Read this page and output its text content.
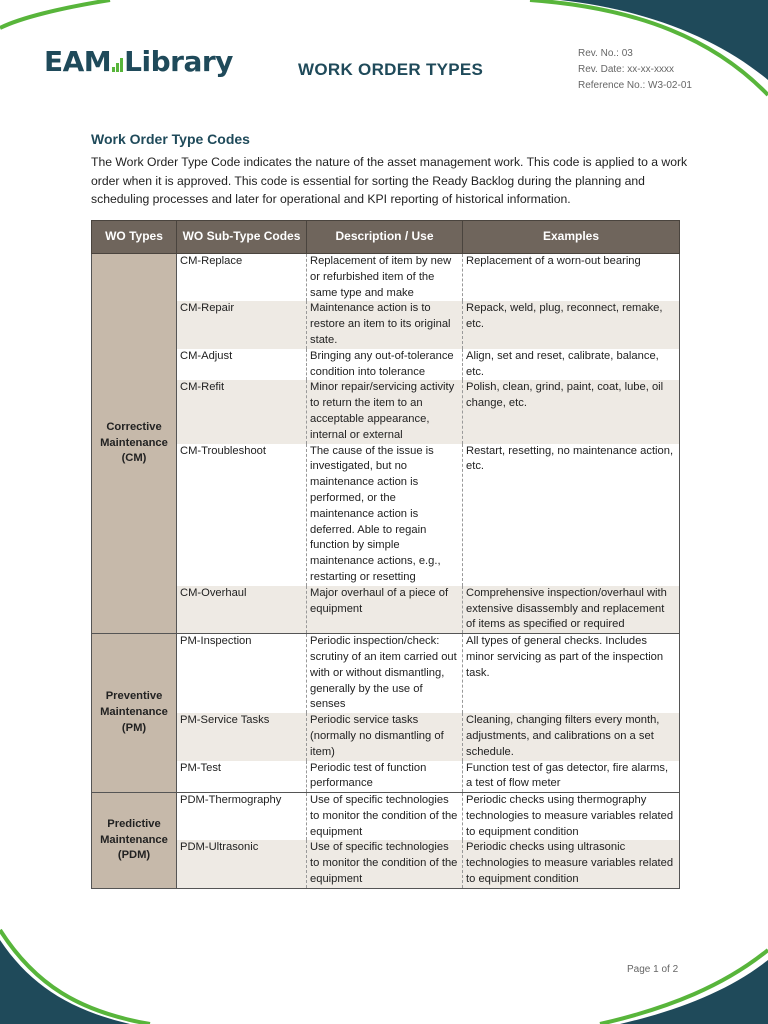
EAM Library	WORK ORDER TYPES
Rev. No.: 03
Rev. Date: xx-xx-xxxx
Reference No.: W3-02-01
Work Order Type Codes
The Work Order Type Code indicates the nature of the asset management work. This code is applied to a work order when it is approved. This code is essential for sorting the Ready Backlog during the planning and scheduling processes and later for operational and KPI reporting of historical information.
WO Types	WO Sub-Type Codes	Description / Use	Examples
Corrective Maintenance (CM)	CM-Replace	Replacement of item by new or refurbished item of the same type and make	Replacement of a worn-out bearing
	CM-Repair	Maintenance action is to restore an item to its original state.	Repack, weld, plug, reconnect, remake, etc.
	CM-Adjust	Bringing any out-of-tolerance condition into tolerance	Align, set and reset, calibrate, balance, etc.
	CM-Refit	Minor repair/servicing activity to return the item to an acceptable appearance, internal or external	Polish, clean, grind, paint, coat, lube, oil change, etc.
	CM-Troubleshoot	The cause of the issue is investigated, but no maintenance action is performed, or the maintenance action is deferred. Able to regain function by simple maintenance actions, e.g., restarting or resetting	Restart, resetting, no maintenance action, etc.
	CM-Overhaul	Major overhaul of a piece of equipment	Comprehensive inspection/overhaul with extensive disassembly and replacement of items as specified or required
Preventive Maintenance (PM)	PM-Inspection	Periodic inspection/check: scrutiny of an item carried out with or without dismantling, generally by the use of senses	All types of general checks. Includes minor servicing as part of the inspection task.
	PM-Service Tasks	Periodic service tasks (normally no dismantling of item)	Cleaning, changing filters every month, adjustments, and calibrations on a set schedule.
	PM-Test	Periodic test of function performance	Function test of gas detector, fire alarms, a test of flow meter
Predictive Maintenance (PDM)	PDM-Thermography	Use of specific technologies to monitor the condition of the equipment	Periodic checks using thermography technologies to measure variables related to equipment condition
	PDM-Ultrasonic	Use of specific technologies to monitor the condition of the equipment	Periodic checks using ultrasonic technologies to measure variables related to equipment condition
Page 1 of 2
